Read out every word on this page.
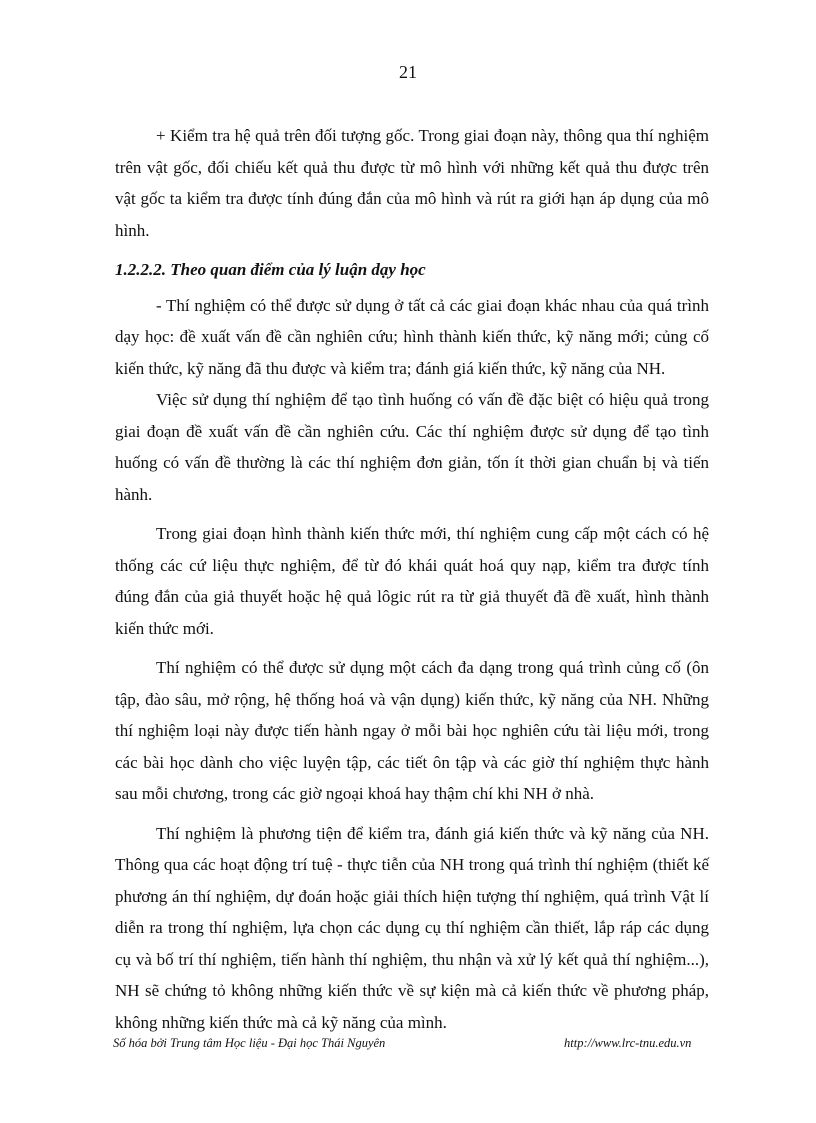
21

+ Kiểm tra hệ quả trên đối tượng gốc. Trong giai đoạn này, thông qua thí nghiệm trên vật gốc, đối chiếu kết quả thu được từ mô hình với những kết quả thu được trên vật gốc ta kiểm tra được tính đúng đắn của mô hình và rút ra giới hạn áp dụng của mô hình.

1.2.2.2. Theo quan điểm của lý luận dạy học

- Thí nghiệm có thể được sử dụng ở tất cả các giai đoạn khác nhau của quá trình dạy học: đề xuất vấn đề cần nghiên cứu; hình thành kiến thức, kỹ năng mới; củng cố kiến thức, kỹ năng đã thu được và kiểm tra; đánh giá kiến thức, kỹ năng của NH.

Việc sử dụng thí nghiệm để tạo tình huống có vấn đề đặc biệt có hiệu quả trong giai đoạn đề xuất vấn đề cần nghiên cứu. Các thí nghiệm được sử dụng để tạo tình huống có vấn đề thường là các thí nghiệm đơn giản, tốn ít thời gian chuẩn bị và tiến hành.

Trong giai đoạn hình thành kiến thức mới, thí nghiệm cung cấp một cách có hệ thống các cứ liệu thực nghiệm, để từ đó khái quát hoá quy nạp, kiểm tra được tính đúng đắn của giả thuyết hoặc hệ quả lôgic rút ra từ giả thuyết đã đề xuất, hình thành kiến thức mới.

Thí nghiệm có thể được sử dụng một cách đa dạng trong quá trình củng cố (ôn tập, đào sâu, mở rộng, hệ thống hoá và vận dụng) kiến thức, kỹ năng của NH. Những thí nghiệm loại này được tiến hành ngay ở mỗi bài học nghiên cứu tài liệu mới, trong các bài học dành cho việc luyện tập, các tiết ôn tập và các giờ thí nghiệm thực hành sau mỗi chương, trong các giờ ngoại khoá hay thậm chí khi NH ở nhà.

Thí nghiệm là phương tiện để kiểm tra, đánh giá kiến thức và kỹ năng của NH. Thông qua các hoạt động trí tuệ - thực tiễn của NH trong quá trình thí nghiệm (thiết kế phương án thí nghiệm, dự đoán hoặc giải thích hiện tượng thí nghiệm, quá trình Vật lí diễn ra trong thí nghiệm, lựa chọn các dụng cụ thí nghiệm cần thiết, lắp ráp các dụng cụ và bố trí thí nghiệm, tiến hành thí nghiệm, thu nhận và xử lý kết quả thí nghiệm...), NH sẽ chứng tỏ không những kiến thức về sự kiện mà cả kiến thức về phương pháp, không những kiến thức mà cả kỹ năng của mình.

Số hóa bởi Trung tâm Học liệu - Đại học Thái Nguyên	http://www.lrc-tnu.edu.vn
